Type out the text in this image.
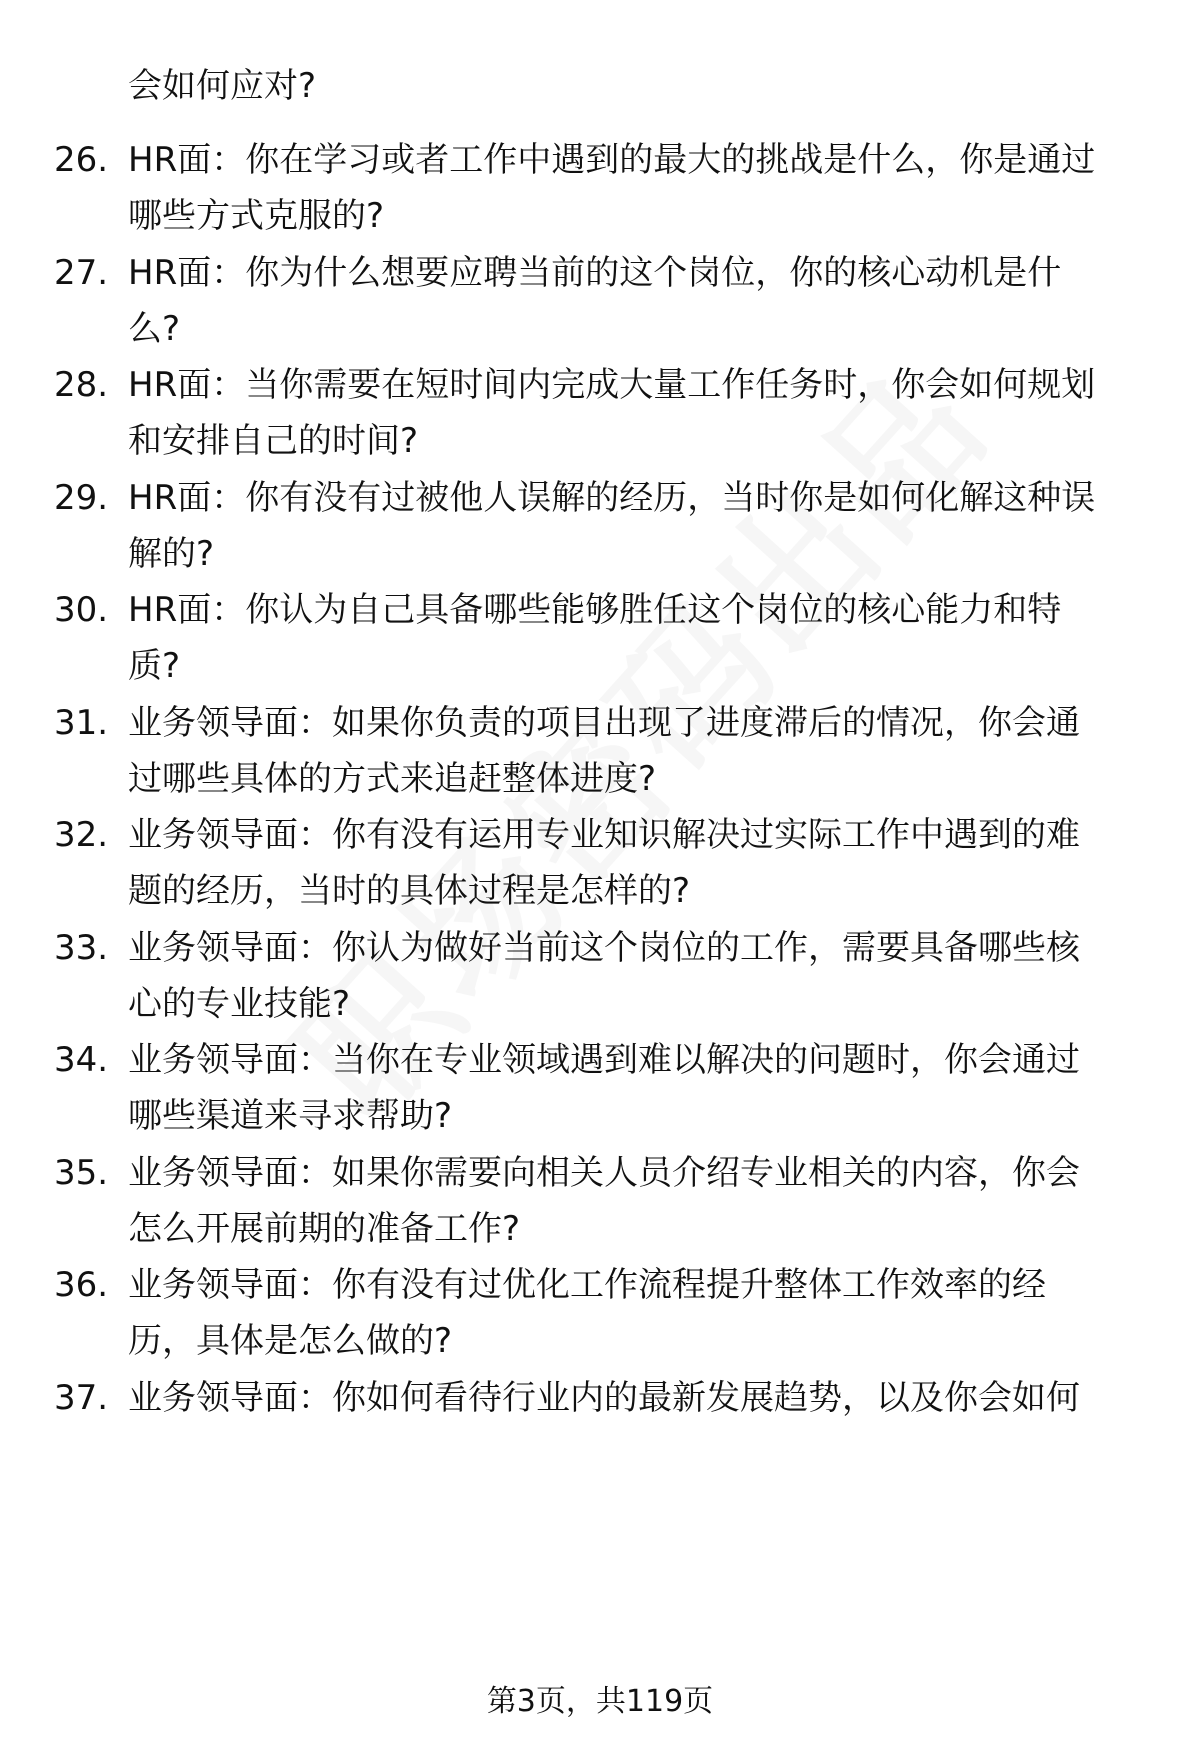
会如何应对?
26. HR面：你在学习或者工作中遇到的最大的挑战是什么，你是通过
哪些方式克服的?
27. HR面：你为什么想要应聘当前的这个岗位，你的核心动机是什
么?
28. HR面：当你需要在短时间内完成大量工作任务时，你会如何规划
和安排自己的时间?
29. HR面：你有没有过被他人误解的经历，当时你是如何化解这种误
解的?
30. HR面：你认为自己具备哪些能够胜任这个岗位的核心能力和特
质?
31. 业务领导面：如果你负责的项目出现了进度滞后的情况，你会通
过哪些具体的方式来追赶整体进度?
32. 业务领导面：你有没有运用专业知识解决过实际工作中遇到的难
题的经历，当时的具体过程是怎样的?
33. 业务领导面：你认为做好当前这个岗位的工作，需要具备哪些核
心的专业技能?
34. 业务领导面：当你在专业领域遇到难以解决的问题时，你会通过
哪些渠道来寻求帮助?
35. 业务领导面：如果你需要向相关人员介绍专业相关的内容，你会
怎么开展前期的准备工作?
36. 业务领导面：你有没有过优化工作流程提升整体工作效率的经
历，具体是怎么做的?
37. 业务领导面：你如何看待行业内的最新发展趋势，以及你会如何
第3页，共119页
